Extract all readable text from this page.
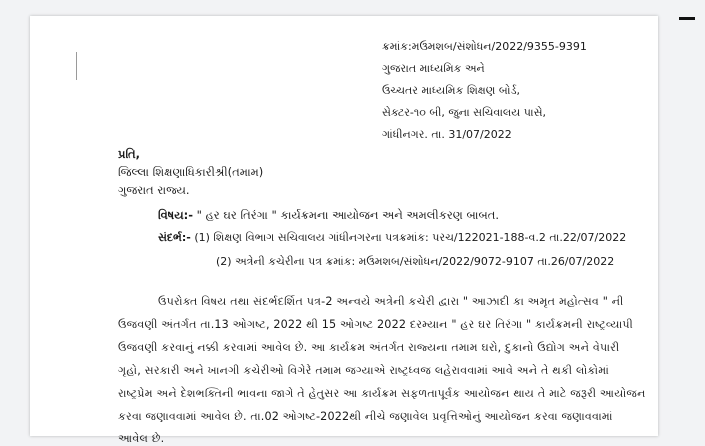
ક્રમાંક:મઉમશબ/સંશોધન/2022/9355-9391
ગુજરાત માધ્યમિક અને
ઉચ્ચતર માધ્યમિક શિક્ષણ બોર્ડ,
સેક્ટર-૧૦ બી, જુના સચિવાલય પાસે,
ગાંધીનગર. તા. 31/07/2022
પ્રતિ,
જિલ્લા શિક્ષણાધિકારીશ્રી(તમામ)
ગુજરાત રાજ્ય.
વિષય:- " હર ઘર તિરંગા " કાર્યક્રમના આયોજન અને અમલીકરણ બાબત.
સંદર્ભ:- (1) શિક્ષણ વિભાગ સચિવાલય ગાંધીનગરના પત્રક્રમાંક: પરચ/122021-188-વ.2 તા.22/07/2022
(2) અત્રેની કચેરીના પત્ર ક્રમાંક: મઉમશબ/સંશોધન/2022/9072-9107 તા.26/07/2022
ઉપરોક્ત વિષય તથા સંદર્ભદર્શિત પત્ર-2 અન્વયે અત્રેની કચેરી દ્વારા " આઝાદી કા અમૃત મહોત્સવ " ની
ઉજવણી અંતર્ગત તા.13 ઓગષ્ટ, 2022 થી 15 ઓગષ્ટ 2022 દરમ્યાન " હર ઘર તિરંગા " કાર્યક્રમની રાષ્ટ્રવ્યાપી
ઉજવણી કરવાનું નક્કી કરવામાં આવેલ છે. આ કાર્યક્રમ અંતર્ગત રાજ્યના તમામ ઘરો, દુકાનો ઉદ્યોગ અને વેપારી
ગૃહો, સરકારી અને ખાનગી કચેરીઓ વિગેરે તમામ જગ્યાએ રાષ્ટ્રધ્વજ લહેરાવવામાં આવે અને તે થકી લોકોમાં
રાષ્ટ્રપ્રેમ અને દેશભક્તિની ભાવના જાગે તે હેતુસર આ કાર્યક્રમ સફળતાપૂર્વક આયોજન થાય તે માટે જરૂરી આયોજન
કરવા જણાવવામાં આવેલ છે. તા.02 ઓગષ્ટ-2022થી નીચે જણાવેલ પ્રવૃત્તિઓનું આયોજન કરવા જણાવવામાં
આવેલ છે.
